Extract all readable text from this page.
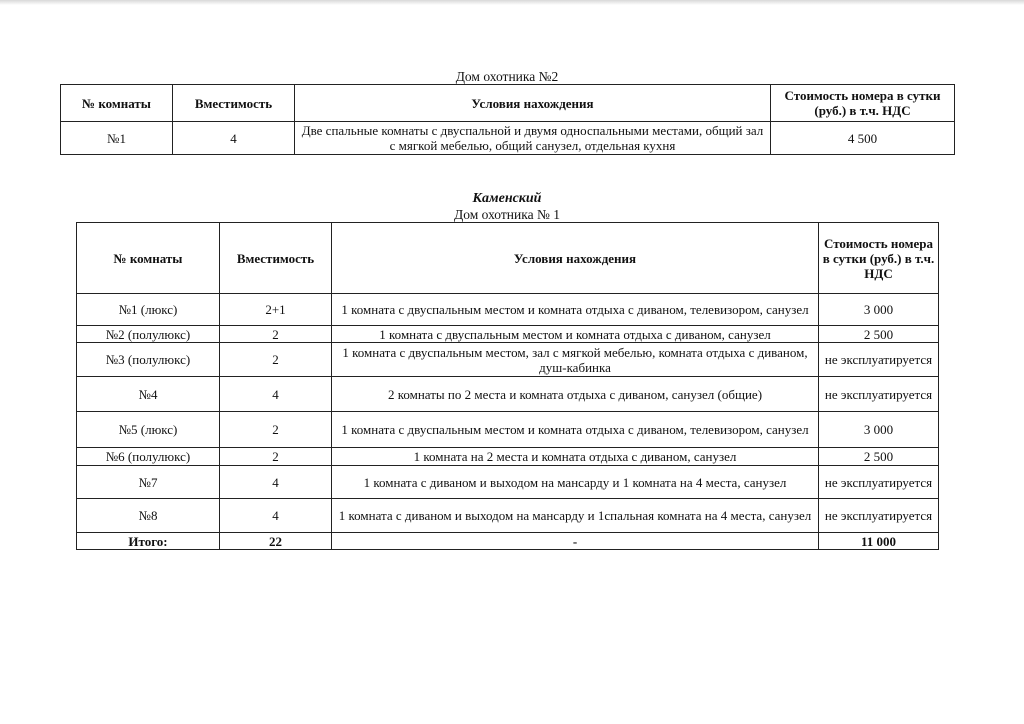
Дом охотника №2
№ комнаты	Вместимость	Условия нахождения	Стоимость номера в сутки (руб.) в т.ч. НДС
№1	4	Две спальные комнаты с двуспальной и двумя односпальными местами, общий зал с мягкой мебелью, общий санузел, отдельная кухня	4 500
Каменский
Дом охотника № 1
№ комнаты	Вместимость	Условия нахождения	Стоимость номера в сутки (руб.) в т.ч. НДС
№1 (люкс)	2+1	1 комната с двуспальным местом и комната отдыха с диваном, телевизором, санузел	3 000
№2 (полулюкс)	2	1 комната с двуспальным местом и комната отдыха с диваном, санузел	2 500
№3 (полулюкс)	2	1 комната с двуспальным местом, зал с мягкой мебелью, комната отдыха с диваном, душ-кабинка	не эксплуатируется
№4	4	2 комнаты по 2 места и комната отдыха с диваном, санузел (общие)	не эксплуатируется
№5 (люкс)	2	1 комната с двуспальным местом и комната отдыха с диваном, телевизором, санузел	3 000
№6 (полулюкс)	2	1 комната на 2 места и комната отдыха с диваном, санузел	2 500
№7	4	1 комната с диваном и выходом на мансарду и 1 комната на 4 места, санузел	не эксплуатируется
№8	4	1 комната с диваном и выходом на мансарду и 1спальная комната на 4 места, санузел	не эксплуатируется
Итого:	22	-	11 000
